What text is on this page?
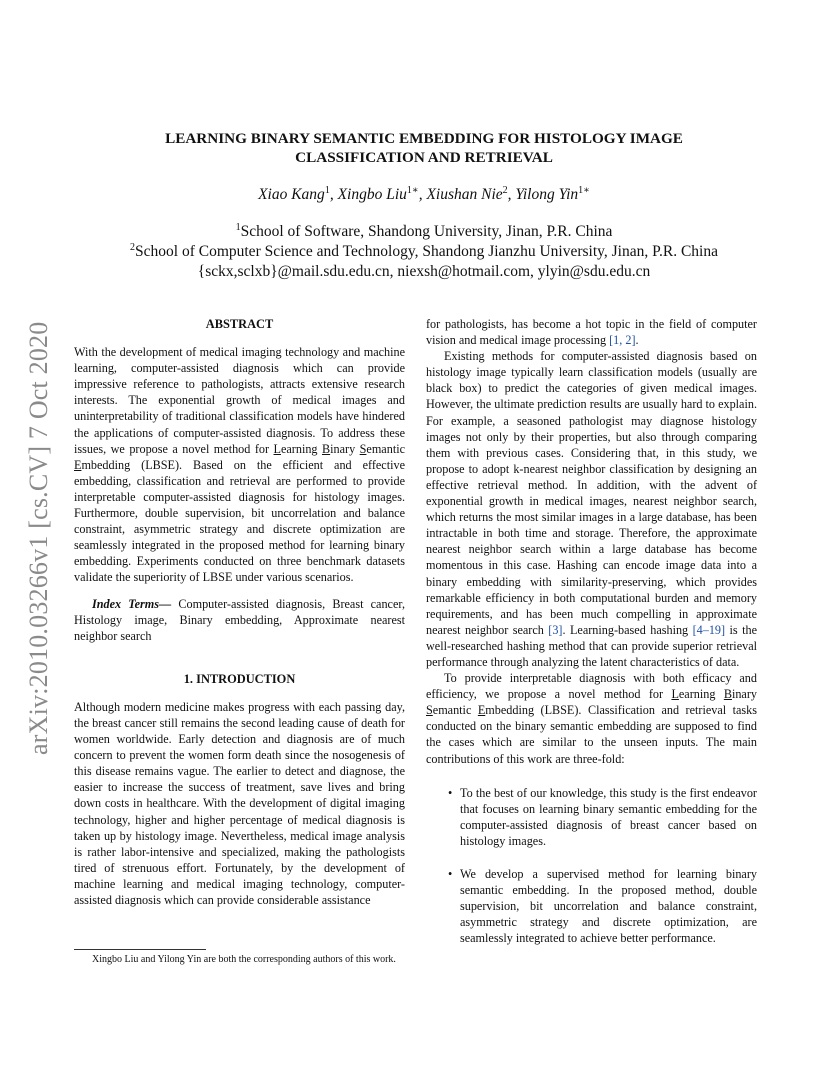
arXiv:2010.03266v1 [cs.CV] 7 Oct 2020
LEARNING BINARY SEMANTIC EMBEDDING FOR HISTOLOGY IMAGE
CLASSIFICATION AND RETRIEVAL
Xiao Kang$^1$, Xingbo Liu$^{1∗}$, Xiushan Nie$^2$, Yilong Yin$^{1∗}$
$^1$School of Software, Shandong University, Jinan, P.R. China
$^2$School of Computer Science and Technology, Shandong Jianzhu University, Jinan, P.R. China
{sckx,sclxb}@mail.sdu.edu.cn, niexsh@hotmail.com, ylyin@sdu.edu.cn
ABSTRACT

With the development of medical imaging technology and machine learning, computer-assisted diagnosis which can provide impressive reference to pathologists, attracts extensive research interests. The exponential growth of medical images and uninterpretability of traditional classification models have hindered the applications of computer-assisted diagnosis. To address these issues, we propose a novel method for Learning Binary Semantic Embedding (LBSE). Based on the efficient and effective embedding, classification and retrieval are performed to provide interpretable computer-assisted diagnosis for histology images. Furthermore, double supervision, bit uncorrelation and balance constraint, asymmetric strategy and discrete optimization are seamlessly integrated in the proposed method for learning binary embedding. Experiments conducted on three benchmark datasets validate the superiority of LBSE under various scenarios.

Index Terms— Computer-assisted diagnosis, Breast cancer, Histology image, Binary embedding, Approximate nearest neighbor search

1. INTRODUCTION

Although modern medicine makes progress with each passing day, the breast cancer still remains the second leading cause of death for women worldwide. Early detection and diagnosis are of much concern to prevent the women form death since the nosogenesis of this disease remains vague. The earlier to detect and diagnose, the easier to increase the success of treatment, save lives and bring down costs in healthcare. With the development of digital imaging technology, higher and higher percentage of medical diagnosis is taken up by histology image. Nevertheless, medical image analysis is rather labor-intensive and specialized, making the pathologists tired of strenuous effort. Fortunately, by the development of machine learning and medical imaging technology, computer-assisted diagnosis which can provide considerable assistance

Xingbo Liu and Yilong Yin are both the corresponding authors of this work.

for pathologists, has become a hot topic in the field of computer vision and medical image processing [1, 2].

Existing methods for computer-assisted diagnosis based on histology image typically learn classification models (usually are black box) to predict the categories of given medical images. However, the ultimate prediction results are usually hard to explain. For example, a seasoned pathologist may diagnose histology images not only by their properties, but also through comparing them with previous cases. Considering that, in this study, we propose to adopt k-nearest neighbor classification by designing an effective retrieval method. In addition, with the advent of exponential growth in medical images, nearest neighbor search, which returns the most similar images in a large database, has been intractable in both time and storage. Therefore, the approximate nearest neighbor search within a large database has become momentous in this case. Hashing can encode image data into a binary embedding with similarity-preserving, which provides remarkable efficiency in both computational burden and memory requirements, and has been much compelling in approximate nearest neighbor search [3]. Learning-based hashing [4–19] is the well-researched hashing method that can provide superior retrieval performance through analyzing the latent characteristics of data.

To provide interpretable diagnosis with both efficacy and efficiency, we propose a novel method for Learning Binary Semantic Embedding (LBSE). Classification and retrieval tasks conducted on the binary semantic embedding are supposed to find the cases which are similar to the unseen inputs. The main contributions of this work are three-fold:

• To the best of our knowledge, this study is the first endeavor that focuses on learning binary semantic embedding for the computer-assisted diagnosis of breast cancer based on histology images.
• We develop a supervised method for learning binary semantic embedding. In the proposed method, double supervision, bit uncorrelation and balance constraint, asymmetric strategy and discrete optimization, are seamlessly integrated to achieve better performance.
